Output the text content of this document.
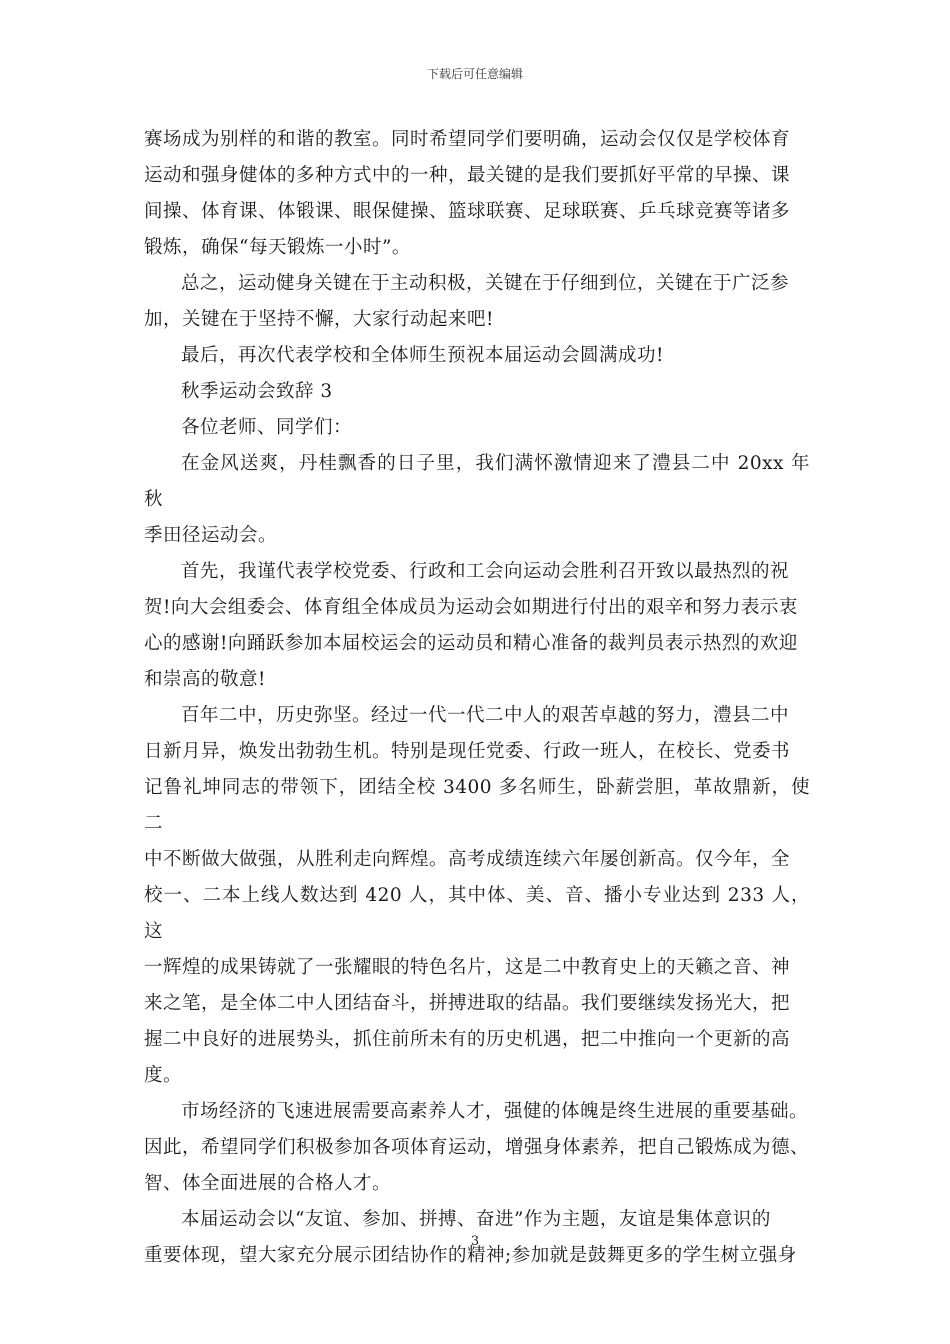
下载后可任意编辑
赛场成为别样的和谐的教室。同时希望同学们要明确，运动会仅仅是学校体育
运动和强身健体的多种方式中的一种，最关键的是我们要抓好平常的早操、课
间操、体育课、体锻课、眼保健操、篮球联赛、足球联赛、乒乓球竞赛等诸多
锻炼，确保“每天锻炼一小时”。
总之，运动健身关键在于主动积极，关键在于仔细到位，关键在于广泛参
加，关键在于坚持不懈，大家行动起来吧!
最后，再次代表学校和全体师生预祝本届运动会圆满成功!
秋季运动会致辞 3
各位老师、同学们：
在金风送爽，丹桂飘香的日子里，我们满怀激情迎来了澧县二中 20xx 年秋
季田径运动会。
首先，我谨代表学校党委、行政和工会向运动会胜利召开致以最热烈的祝
贺!向大会组委会、体育组全体成员为运动会如期进行付出的艰辛和努力表示衷
心的感谢!向踊跃参加本届校运会的运动员和精心准备的裁判员表示热烈的欢迎
和崇高的敬意!
百年二中，历史弥坚。经过一代一代二中人的艰苦卓越的努力，澧县二中
日新月异，焕发出勃勃生机。特别是现任党委、行政一班人，在校长、党委书
记鲁礼坤同志的带领下，团结全校 3400 多名师生，卧薪尝胆，革故鼎新，使二
中不断做大做强，从胜利走向辉煌。高考成绩连续六年屡创新高。仅今年，全
校一、二本上线人数达到 420 人，其中体、美、音、播小专业达到 233 人，这
一辉煌的成果铸就了一张耀眼的特色名片，这是二中教育史上的天籁之音、神
来之笔，是全体二中人团结奋斗，拼搏进取的结晶。我们要继续发扬光大，把
握二中良好的进展势头，抓住前所未有的历史机遇，把二中推向一个更新的高
度。
市场经济的飞速进展需要高素养人才，强健的体魄是终生进展的重要基础。
因此，希望同学们积极参加各项体育运动，增强身体素养，把自己锻炼成为德、
智、体全面进展的合格人才。
本届运动会以“友谊、参加、拼搏、奋进”作为主题，友谊是集体意识的
重要体现，望大家充分展示团结协作的精神;参加就是鼓舞更多的学生树立强身
3
